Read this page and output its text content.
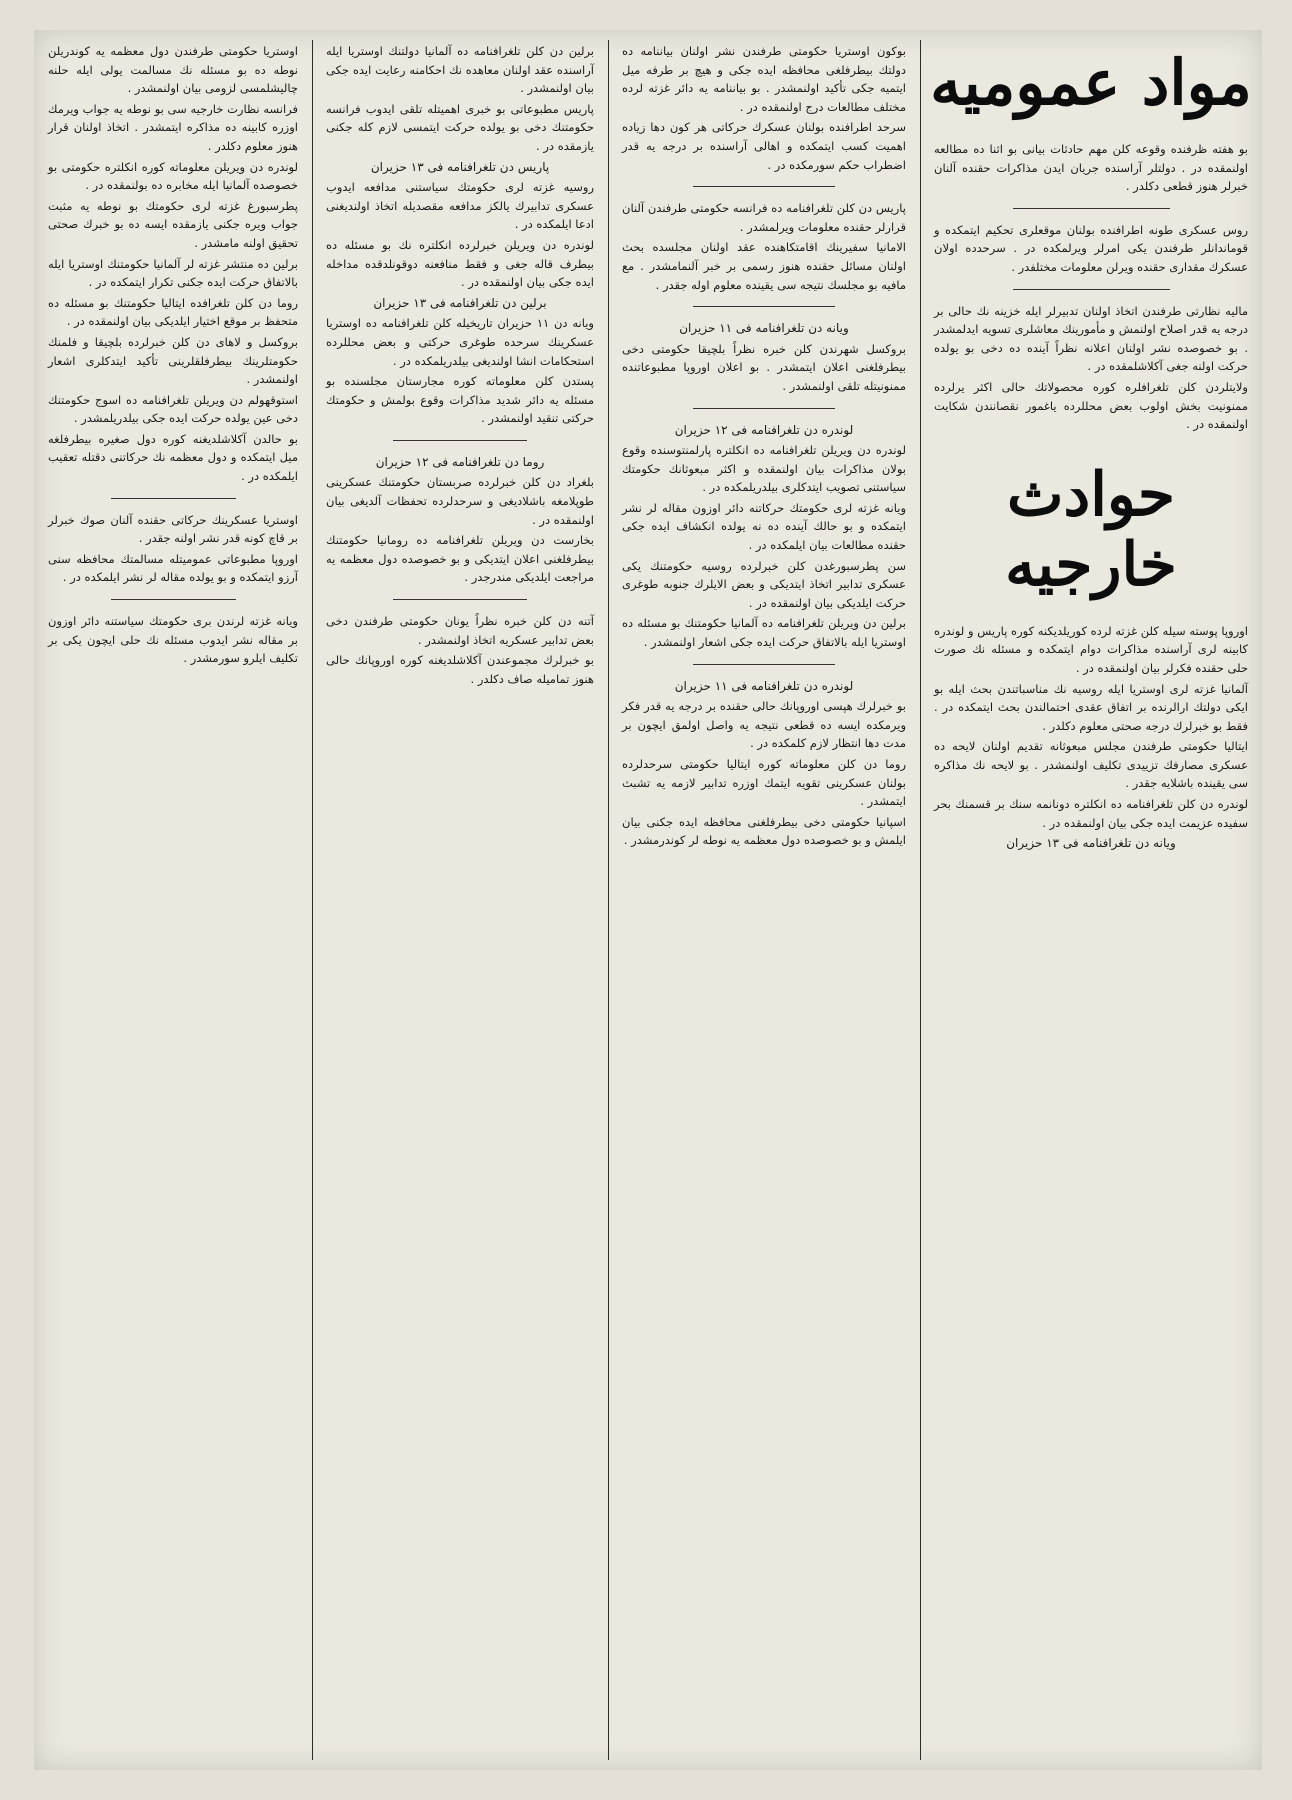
اوستريا حكومتى طرفندن دول معظمه يه كوندريلن نوطه ده بو مسئله نك مسالمت يولى ايله حلنه چاليشلمسى لزومى بيان اولنمشدر .

فرانسه نظارت خارجيه سى بو نوطه يه جواب ويرمك اوزره كابينه ده مذاكره ايتمشدر . اتخاذ اولنان قرار هنوز معلوم دكلدر .

لوندره دن ويريلن معلوماته كوره انكلتره حكومتى بو خصوصده آلمانيا ايله مخابره ده بولنمقده در .

پطرسبورغ غزته لرى حكومتك بو نوطه يه مثبت جواب ويره جكنى يازمقده ايسه ده بو خبرك صحتى تحقيق اولنه مامشدر .

برلين ده منتشر غزته لر آلمانيا حكومتنك اوستريا ايله بالاتفاق حركت ايده جكنى تكرار ايتمكده در .

روما دن كلن تلغرافده ايتاليا حكومتنك بو مسئله ده متحفظ بر موقع اختيار ايلديكى بيان اولنمقده در .

بروكسل و لاهاى دن كلن خبرلرده بلچيقا و فلمنك حكومتلرينك بيطرفلقلرينى تأكيد ايتدكلرى اشعار اولنمشدر .

استوقهولم دن ويريلن تلغرافنامه ده اسوج حكومتنك دخى عين يولده حركت ايده جكى بيلدريلمشدر .

بو حالدن آكلاشلديغنه كوره دول صغيره بيطرفلغه ميل ايتمكده و دول معظمه نك حركاتنى دقتله تعقيب ايلمكده در .

اوستريا عسكرينك حركاتى حقنده آلنان صوك خبرلر بر قاچ كونه قدر نشر اولنه جقدر .

اوروپا مطبوعاتى عموميتله مسالمتك محافظه سنى آرزو ايتمكده و بو يولده مقاله لر نشر ايلمكده در .

ويانه غزته لرندن برى حكومتك سياستنه دائر اوزون بر مقاله نشر ايدوب مسئله نك حلى ايچون يكى بر تكليف ايلرو سورمشدر .

برلين دن كلن تلغرافنامه ده آلمانيا دولتنك اوستريا ايله آراسنده عقد اولنان معاهده نك احكامنه رعايت ايده جكى بيان اولنمشدر .

پاريس مطبوعاتى بو خبرى اهميتله تلقى ايدوب فرانسه حكومتنك دخى بو يولده حركت ايتمسى لازم كله جكنى يازمقده در .

پاريس دن تلغرافنامه فى ۱۳ حزيران

روسيه غزته لرى حكومتك سياستنى مدافعه ايدوب عسكرى تدابيرك يالكز مدافعه مقصديله اتخاذ اولنديغنى ادعا ايلمكده در .

لوندره دن ويريلن خبرلرده انكلتره نك بو مسئله ده بيطرف قاله جغى و فقط منافعنه دوقونلدقده مداخله ايده جكى بيان اولنمقده در .

برلين دن تلغرافنامه فى ۱۳ حزيران

ويانه دن ۱۱ حزيران تاريخيله كلن تلغرافنامه ده اوستريا عسكرينك سرحده طوغرى حركتى و بعض محللرده استحكامات انشا اولنديغى بيلدريلمكده در .

پستدن كلن معلوماته كوره مجارستان مجلسنده بو مسئله يه دائر شديد مذاكرات وقوع بولمش و حكومتك حركتى تنقيد اولنمشدر .

روما دن تلغرافنامه فى ۱۲ حزيران

بلغراد دن كلن خبرلرده صربستان حكومتنك عسكرينى طوپلامغه باشلاديغى و سرحدلرده تحفظات آلديغى بيان اولنمقده در .

بخارست دن ويريلن تلغرافنامه ده رومانيا حكومتنك بيطرفلغنى اعلان ايتديكى و بو خصوصده دول معظمه يه مراجعت ايلديكى مندرجدر .

آتنه دن كلن خبره نظراً يونان حكومتى طرفندن دخى بعض تدابير عسكريه اتخاذ اولنمشدر .

بو خبرلرك مجموعندن آكلاشلديغنه كوره اوروپانك حالى هنوز تماميله صاف دكلدر .

بوكون اوستريا حكومتى طرفندن نشر اولنان بياننامه ده دولتك بيطرفلغى محافظه ايده جكى و هيچ بر طرفه ميل ايتميه جكى تأكيد اولنمشدر . بو بياننامه يه دائر غزته لرده مختلف مطالعات درج اولنمقده در .

سرحد اطرافنده بولنان عسكرك حركاتى هر كون دها زياده اهميت كسب ايتمكده و اهالى آراسنده بر درجه يه قدر اضطراب حكم سورمكده در .

پاريس دن كلن تلغرافنامه ده فرانسه حكومتى طرفندن آلنان قرارلر حقنده معلومات ويرلمشدر .

الامانيا سفيرينك اقامتكاهنده عقد اولنان مجلسده بحث اولنان مسائل حقنده هنوز رسمى بر خبر آلنمامشدر . مع مافيه بو مجلسك نتيجه سى يقينده معلوم اوله جقدر .

ويانه دن تلغرافنامه فى ۱۱ حزيران

بروكسل شهرندن كلن خبره نظراً بلچيقا حكومتى دخى بيطرفلغنى اعلان ايتمشدر . بو اعلان اوروپا مطبوعاتنده ممنونيتله تلقى اولنمشدر .

لوندره دن تلغرافنامه فى ۱۲ حزيران

لوندره دن ويريلن تلغرافنامه ده انكلتره پارلمنتوسنده وقوع بولان مذاكرات بيان اولنمقده و اكثر مبعوثانك حكومتك سياستنى تصويب ايتدكلرى بيلدريلمكده در .

ويانه غزته لرى حكومتك حركاتنه دائر اوزون مقاله لر نشر ايتمكده و بو حالك آينده ده نه يولده انكشاف ايده جكى حقنده مطالعات بيان ايلمكده در .

سن پطرسبورغدن كلن خبرلرده روسيه حكومتنك يكى عسكرى تدابير اتخاذ ايتديكى و بعض الايلرك جنوبه طوغرى حركت ايلديكى بيان اولنمقده در .

برلين دن ويريلن تلغرافنامه ده آلمانيا حكومتنك بو مسئله ده اوستريا ايله بالاتفاق حركت ايده جكى اشعار اولنمشدر .

لوندره دن تلغرافنامه فى ۱۱ حزيران

بو خبرلرك هپسى اوروپانك حالى حقنده بر درجه يه قدر فكر ويرمكده ايسه ده قطعى نتيجه يه واصل اولمق ايچون بر مدت دها انتظار لازم كلمكده در .

روما دن كلن معلوماته كوره ايتاليا حكومتى سرحدلرده بولنان عسكرينى تقويه ايتمك اوزره تدابير لازمه يه تشبث ايتمشدر .

اسپانيا حكومتى دخى بيطرفلغنى محافظه ايده جكنى بيان ايلمش و بو خصوصده دول معظمه يه نوطه لر كوندرمشدر .

مواد عموميه

بو هفته ظرفنده وقوعه كلن مهم حادثات بيانى بو اثنا ده مطالعه اولنمقده در . دولتلر آراسنده جريان ايدن مذاكرات حقنده آلنان خبرلر هنوز قطعى دكلدر .

روس عسكرى طونه اطرافنده بولنان موقعلرى تحكيم ايتمكده و قوماندانلر طرفندن يكى امرلر ويرلمكده در . سرحدده اولان عسكرك مقدارى حقنده ويرلن معلومات مختلفدر .

ماليه نظارتى طرفندن اتخاذ اولنان تدبيرلر ايله خزينه نك حالى بر درجه يه قدر اصلاح اولنمش و مأمورينك معاشلرى تسويه ايدلمشدر . بو خصوصده نشر اولنان اعلانه نظراً آينده ده دخى بو يولده حركت اولنه جغى آكلاشلمقده در .

ولايتلردن كلن تلغرافلره كوره محصولاتك حالى اكثر يرلرده ممنونيت بخش اولوب بعض محللرده ياغمور نقصانندن شكايت اولنمقده در .

حوادث خارجيه

اوروپا پوسته سيله كلن غزته لرده كوريلديكنه كوره پاريس و لوندره كابينه لرى آراسنده مذاكرات دوام ايتمكده و مسئله نك صورت حلى حقنده فكرلر بيان اولنمقده در .

آلمانيا غزته لرى اوستريا ايله روسيه نك مناسباتندن بحث ايله بو ايكى دولتك ارالرنده بر اتفاق عقدى احتمالندن بحث ايتمكده در . فقط بو خبرلرك درجه صحتى معلوم دكلدر .

ايتاليا حكومتى طرفندن مجلس مبعوثانه تقديم اولنان لايحه ده عسكرى مصارفك تزييدى تكليف اولنمشدر . بو لايحه نك مذاكره سى يقينده باشلايه جقدر .

لوندره دن كلن تلغرافنامه ده انكلتره دونانمه سنك بر قسمنك بحر سفيده عزيمت ايده جكى بيان اولنمقده در .

ويانه دن تلغرافنامه فى ۱۳ حزيران
